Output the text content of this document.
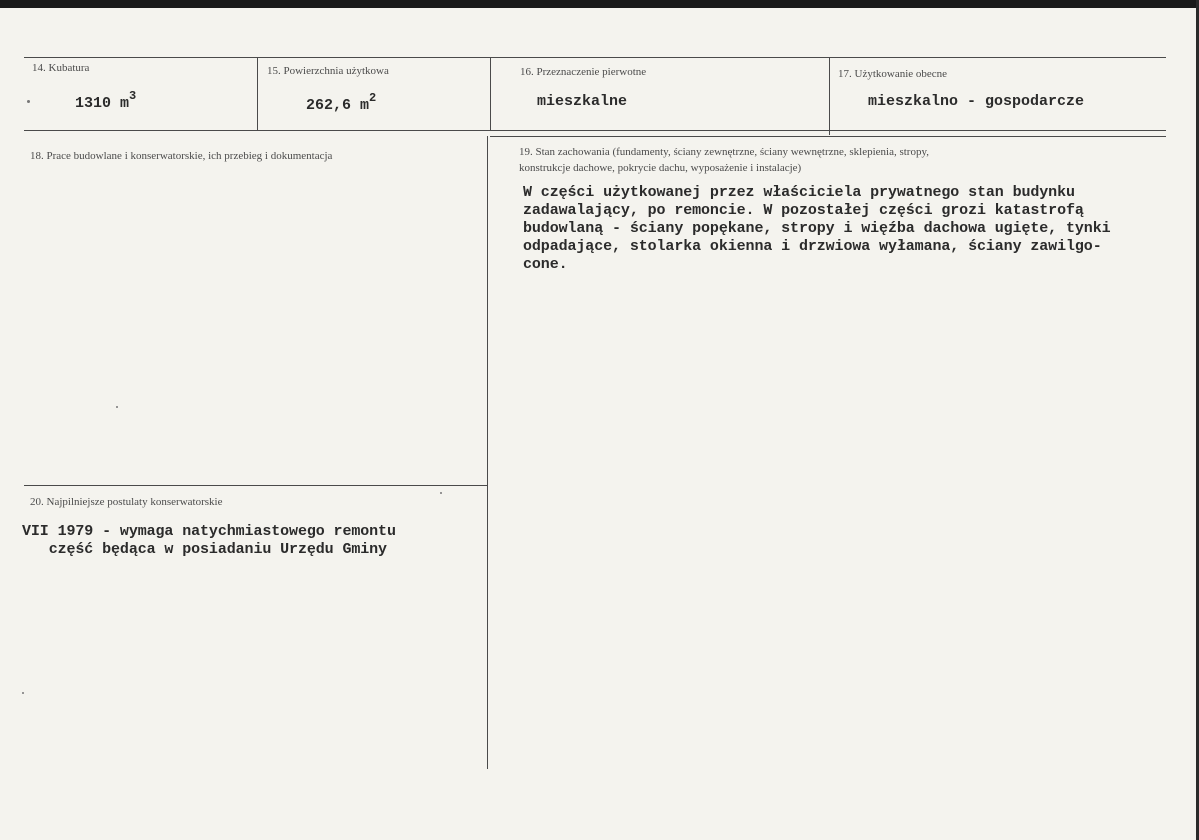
14. Kubatura
1310 $m^3$
15. Powierzchnia użytkowa
262,6 $m^2$
16. Przeznaczenie pierwotne
mieszkalne
17. Użytkowanie obecne
mieszkalno - gospodarcze
18. Prace budowlane i konserwatorskie, ich przebieg i dokumentacja	19. Stan zachowania (fundamenty, ściany zewnętrzne, ściany wewnętrzne, sklepienia, stropy,
konstrukcje dachowe, pokrycie dachu, wyposażenie i instalacje)
W części użytkowanej przez właściciela prywatnego stan budynku
zadawalający, po remoncie. W pozostałej części grozi katastrofą
budowlaną - ściany popękane, stropy i więźba dachowa ugięte, tynki
odpadające, stolarka okienna i drzwiowa wyłamana, ściany zawilgo-
cone.
20. Najpilniejsze postulaty konserwatorskie
VII 1979 - wymaga natychmiastowego remontu
część będąca w posiadaniu Urzędu Gminy
